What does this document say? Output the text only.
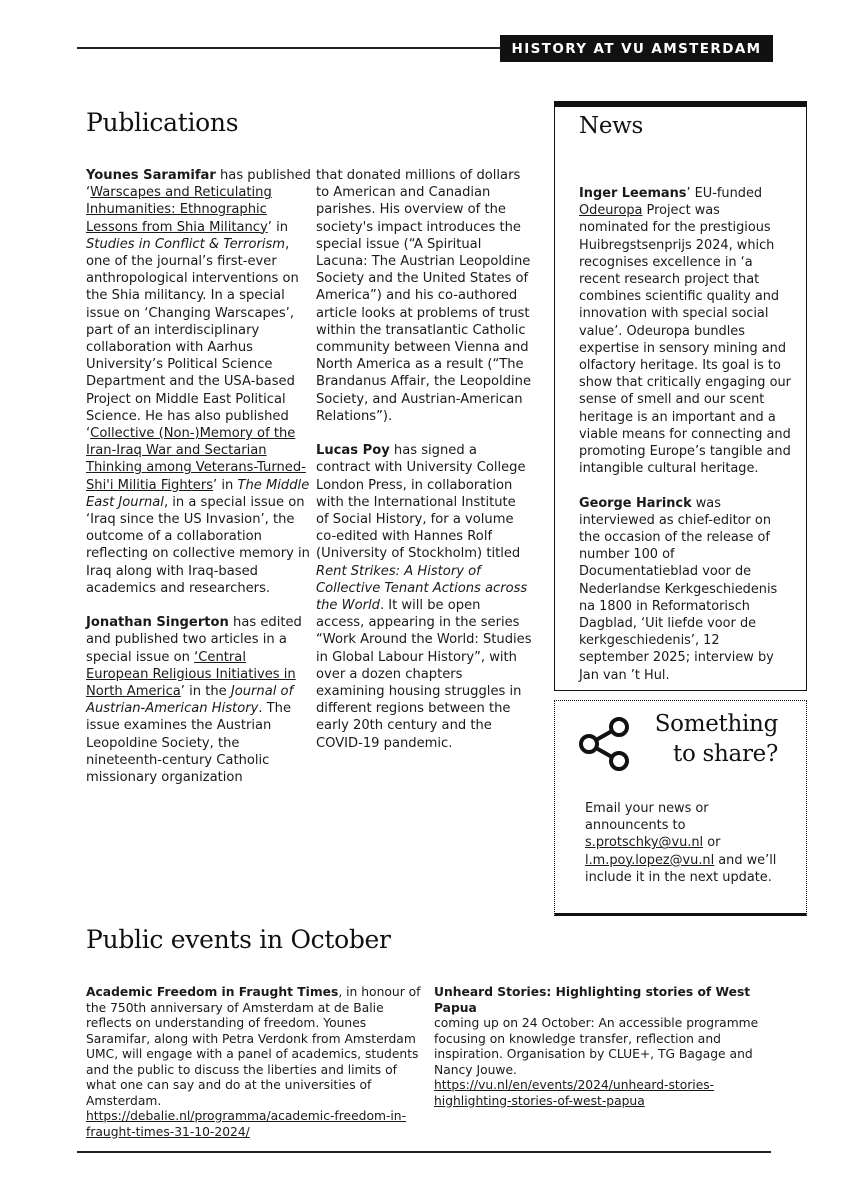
HISTORY AT VU AMSTERDAM
Publications

Younes Saramifar has published ‘Warscapes and Reticulating Inhumanities: Ethnographic Lessons from Shia Militancy’ in Studies in Conflict & Terrorism, one of the journal’s first-ever anthropological interventions on the Shia militancy. In a special issue on ‘Changing Warscapes’, part of an interdisciplinary collaboration with Aarhus University’s Political Science Department and the USA-based Project on Middle East Political Science. He has also published ‘Collective (Non-)Memory of the Iran-Iraq War and Sectarian Thinking among Veterans-Turned-Shi'i Militia Fighters’ in The Middle East Journal, in a special issue on ‘Iraq since the US Invasion’, the outcome of a collaboration reflecting on collective memory in Iraq along with Iraq-based academics and researchers.

Jonathan Singerton has edited and published two articles in a special issue on ‘Central European Religious Initiatives in North America’ in the Journal of Austrian-American History. The issue examines the Austrian Leopoldine Society, the nineteenth-century Catholic missionary organization

that donated millions of dollars to American and Canadian parishes. His overview of the society's impact introduces the special issue (“A Spiritual Lacuna: The Austrian Leopoldine Society and the United States of America”) and his co-authored article looks at problems of trust within the transatlantic Catholic community between Vienna and North America as a result (“The Brandanus Affair, the Leopoldine Society, and Austrian-American Relations”).

Lucas Poy has signed a contract with University College London Press, in collaboration with the International Institute of Social History, for a volume co-edited with Hannes Rolf (University of Stockholm) titled Rent Strikes: A History of Collective Tenant Actions across the World. It will be open access, appearing in the series “Work Around the World: Studies in Global Labour History”, with over a dozen chapters examining housing struggles in different regions between the early 20th century and the COVID-19 pandemic.

News

Inger Leemans’ EU-funded Odeuropa Project was nominated for the prestigious Huibregstsenprijs 2024, which recognises excellence in ‘a recent research project that combines scientific quality and innovation with special social value’. Odeuropa bundles expertise in sensory mining and olfactory heritage. Its goal is to show that critically engaging our sense of smell and our scent heritage is an important and a viable means for connecting and promoting Europe’s tangible and intangible cultural heritage.

George Harinck was interviewed as chief-editor on the occasion of the release of number 100 of Documentatieblad voor de Nederlandse Kerkgeschiedenis na 1800 in Reformatorisch Dagblad, ‘Uit liefde voor de kerkgeschiedenis’, 12 september 2025; interview by Jan van ’t Hul.

Something
to share?
Email your news or announcents to s.protschky@vu.nl or l.m.poy.lopez@vu.nl and we’ll include it in the next update.
Public events in October
Academic Freedom in Fraught Times, in honour of the 750th anniversary of Amsterdam at de Balie reflects on understanding of freedom. Younes Saramifar, along with Petra Verdonk from Amsterdam UMC, will engage with a panel of academics, students and the public to discuss the liberties and limits of what one can say and do at the universities of Amsterdam.
https://debalie.nl/programma/academic-freedom-in-fraught-times-31-10-2024/
Unheard Stories: Highlighting stories of West Papua
coming up on 24 October: An accessible programme focusing on knowledge transfer, reflection and inspiration. Organisation by CLUE+, TG Bagage and Nancy Jouwe.
https://vu.nl/en/events/2024/unheard-stories-highlighting-stories-of-west-papua
